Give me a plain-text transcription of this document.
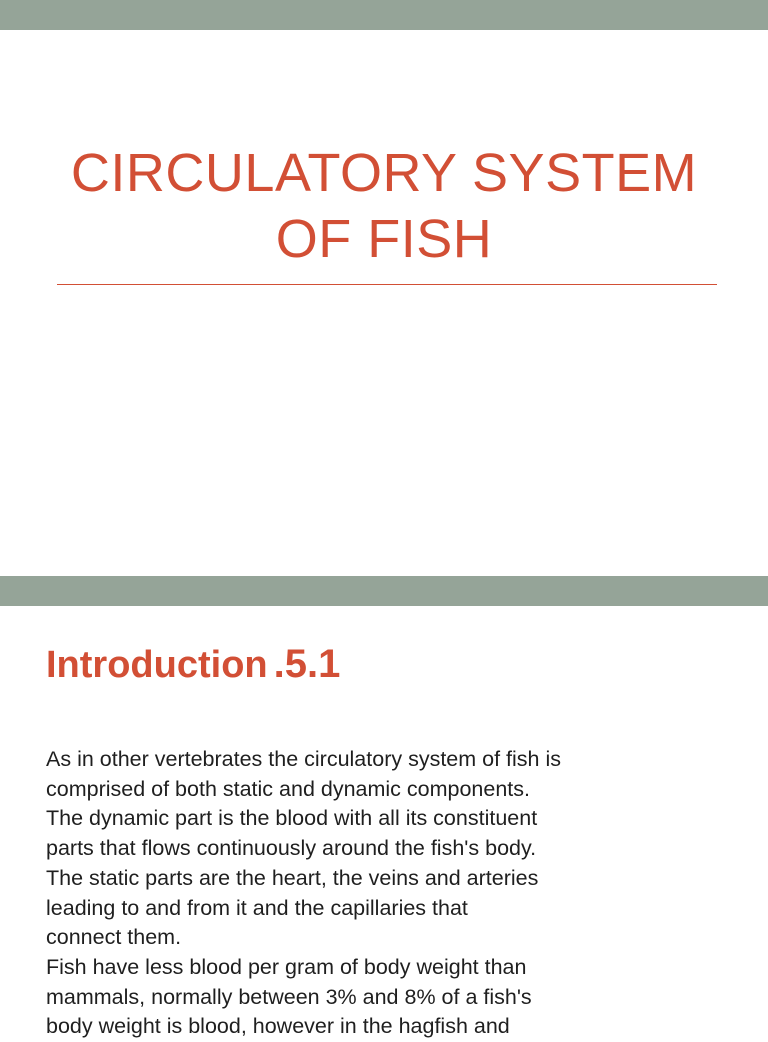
CIRCULATORY SYSTEM OF FISH
Introduction .5.1
As in other vertebrates the circulatory system of fish is
comprised of both static and dynamic components.
The dynamic part is the blood with all its constituent
parts that flows continuously around the fish's body.
The static parts are the heart, the veins and arteries
leading to and from it and the capillaries that
connect them.
Fish have less blood per gram of body weight than
mammals, normally between 3% and 8% of a fish's
body weight is blood, however in the hagfish and
